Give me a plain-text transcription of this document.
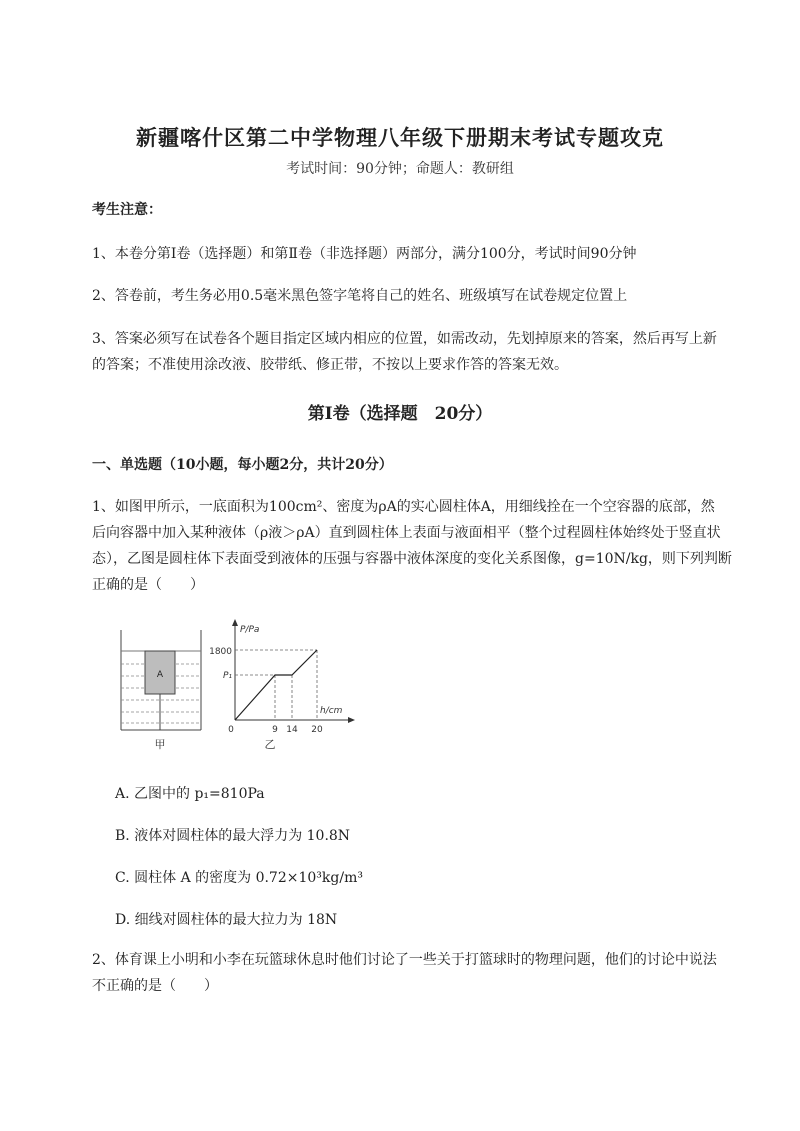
新疆喀什区第二中学物理八年级下册期末考试专题攻克
考试时间：90分钟；命题人：教研组
考生注意：
1、本卷分第Ⅰ卷（选择题）和第Ⅱ卷（非选择题）两部分，满分100分，考试时间90分钟
2、答卷前，考生务必用0.5毫米黑色签字笔将自己的姓名、班级填写在试卷规定位置上
3、答案必须写在试卷各个题目指定区域内相应的位置，如需改动，先划掉原来的答案，然后再写上新
的答案；不准使用涂改液、胶带纸、修正带，不按以上要求作答的答案无效。
第Ⅰ卷（选择题　20分）
一、单选题（10小题，每小题2分，共计20分）
1、如图甲所示，一底面积为100cm²、密度为ρA的实心圆柱体A，用细线拴在一个空容器的底部，然
后向容器中加入某种液体（ρ液＞ρA）直到圆柱体上表面与液面相平（整个过程圆柱体始终处于竖直状
态），乙图是圆柱体下表面受到液体的压强与容器中液体深度的变化关系图像，g=10N/kg，则下列判断
正确的是（　　）
A
甲
P/Pa
h/cm
1800
P₁
0	9 14 20
乙
A. 乙图中的 p₁=810Pa
B. 液体对圆柱体的最大浮力为 10.8N
C. 圆柱体 A 的密度为 0.72×10³kg/m³
D. 细线对圆柱体的最大拉力为 18N
2、体育课上小明和小李在玩篮球休息时他们讨论了一些关于打篮球时的物理问题，他们的讨论中说法
不正确的是（　　）
